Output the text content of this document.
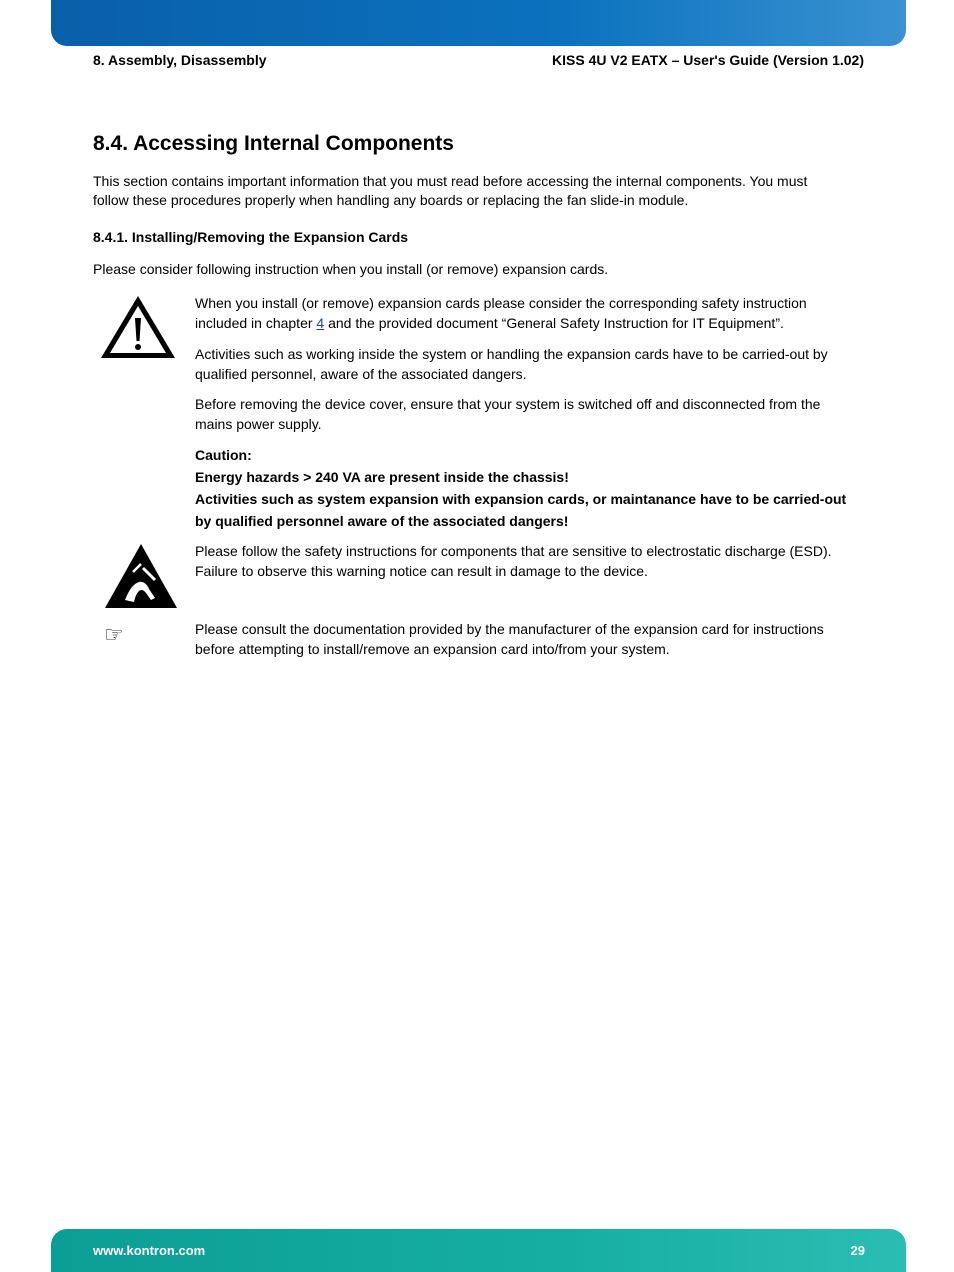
8. Assembly, Disassembly	KISS 4U V2 EATX – User's Guide (Version 1.02)
8.4. Accessing Internal Components
This section contains important information that you must read before accessing the internal components. You must follow these procedures properly when handling any boards or replacing the fan slide-in module.
8.4.1. Installing/Removing the Expansion Cards
Please consider following instruction when you install (or remove) expansion cards.
When you install (or remove) expansion cards please consider the corresponding safety instruction included in chapter 4 and the provided document “General Safety Instruction for IT Equipment”.
Activities such as working inside the system or handling the expansion cards have to be carried-out by qualified personnel, aware of the associated dangers.
Before removing the device cover, ensure that your system is switched off and disconnected from the mains power supply.
Caution:
Energy hazards > 240 VA are present inside the chassis!
Activities such as system expansion with expansion cards, or maintanance have to be carried-out by qualified personnel aware of the associated dangers!
Please follow the safety instructions for components that are sensitive to electrostatic discharge (ESD). Failure to observe this warning notice can result in damage to the device.
☞	Please consult the documentation provided by the manufacturer of the expansion card for instructions before attempting to install/remove an expansion card into/from your system.
www.kontron.com	29
